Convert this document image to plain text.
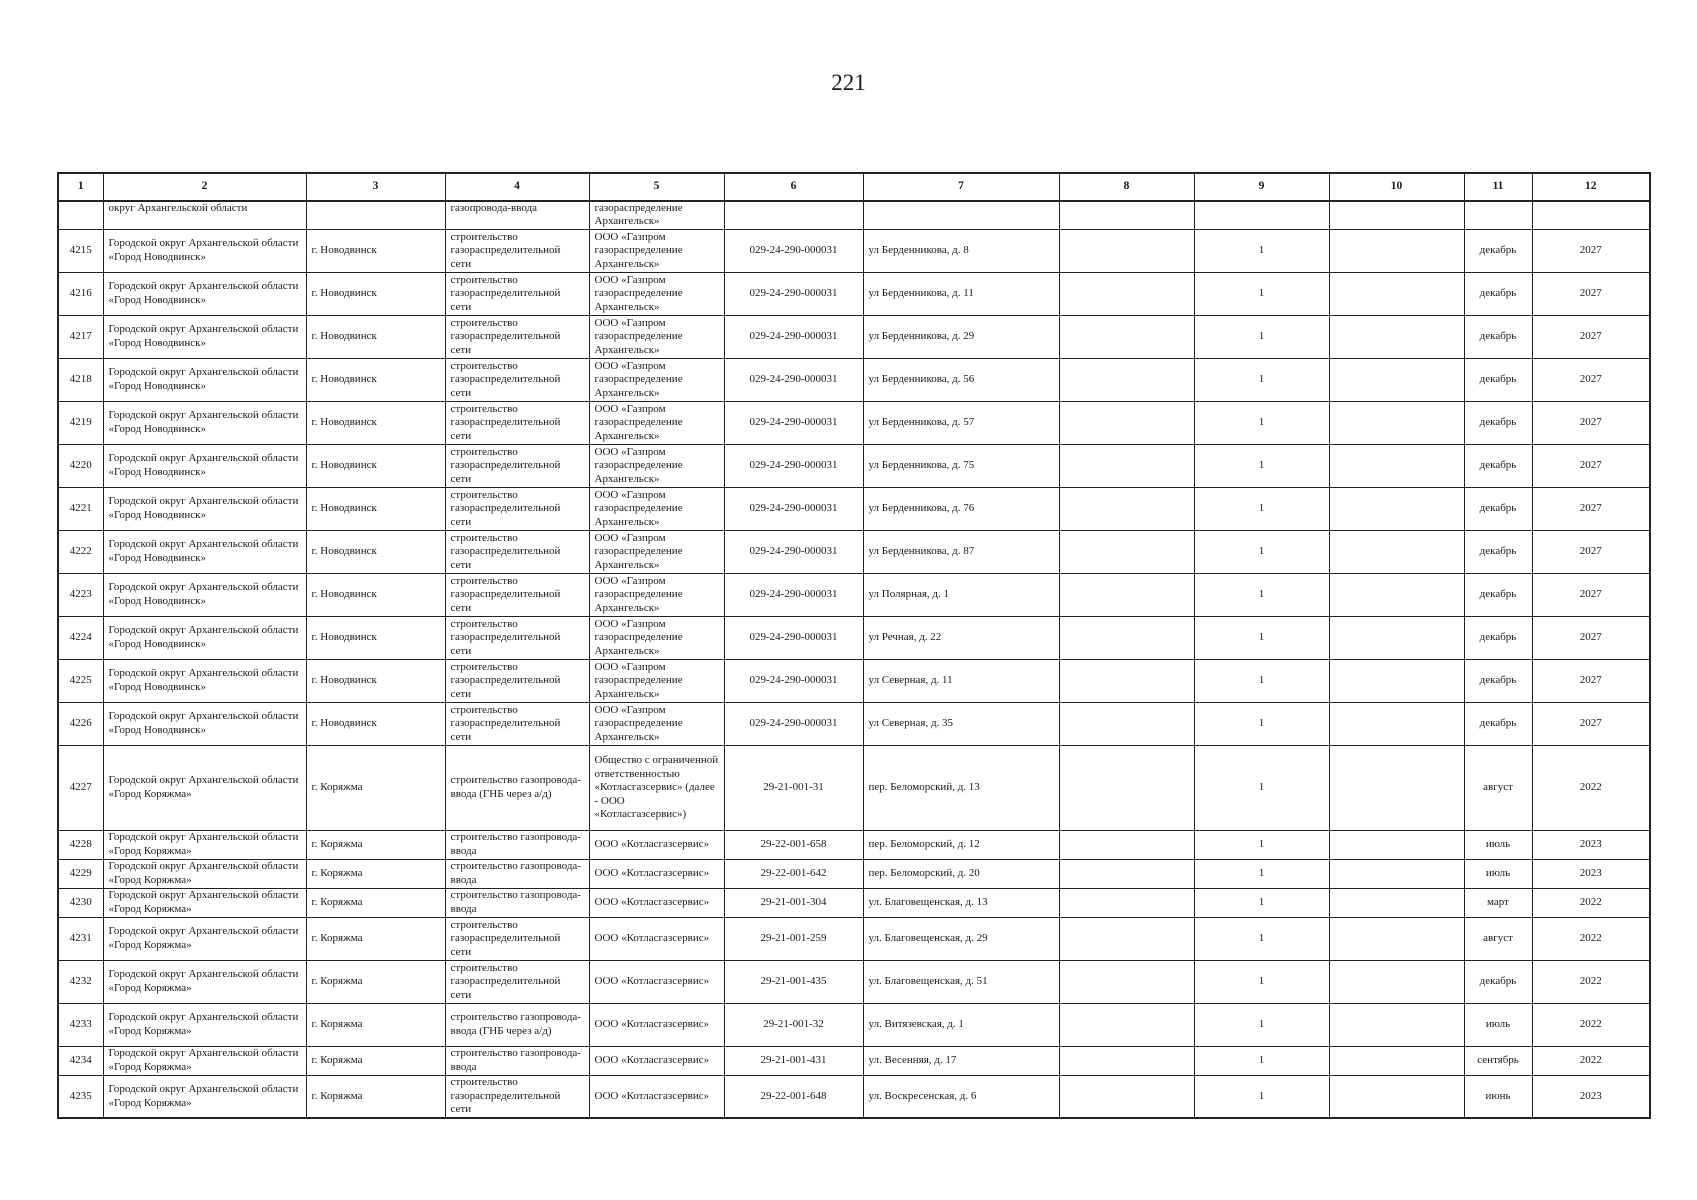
221
1	2	3	4	5	6	7	8	9	10	11	12
	округ Архангельской области		газопровода-ввода	газораспределение Архангельск»							
4215	Городской округ Архангельской области «Город Новодвинск»	г. Новодвинск	строительство газораспределительной сети	ООО «Газпром газораспределение Архангельск»	029-24-290-000031	ул Берденникова, д. 8		1		декабрь	2027
4216	Городской округ Архангельской области «Город Новодвинск»	г. Новодвинск	строительство газораспределительной сети	ООО «Газпром газораспределение Архангельск»	029-24-290-000031	ул Берденникова, д. 11		1		декабрь	2027
4217	Городской округ Архангельской области «Город Новодвинск»	г. Новодвинск	строительство газораспределительной сети	ООО «Газпром газораспределение Архангельск»	029-24-290-000031	ул Берденникова, д. 29		1		декабрь	2027
4218	Городской округ Архангельской области «Город Новодвинск»	г. Новодвинск	строительство газораспределительной сети	ООО «Газпром газораспределение Архангельск»	029-24-290-000031	ул Берденникова, д. 56		1		декабрь	2027
4219	Городской округ Архангельской области «Город Новодвинск»	г. Новодвинск	строительство газораспределительной сети	ООО «Газпром газораспределение Архангельск»	029-24-290-000031	ул Берденникова, д. 57		1		декабрь	2027
4220	Городской округ Архангельской области «Город Новодвинск»	г. Новодвинск	строительство газораспределительной сети	ООО «Газпром газораспределение Архангельск»	029-24-290-000031	ул Берденникова, д. 75		1		декабрь	2027
4221	Городской округ Архангельской области «Город Новодвинск»	г. Новодвинск	строительство газораспределительной сети	ООО «Газпром газораспределение Архангельск»	029-24-290-000031	ул Берденникова, д. 76		1		декабрь	2027
4222	Городской округ Архангельской области «Город Новодвинск»	г. Новодвинск	строительство газораспределительной сети	ООО «Газпром газораспределение Архангельск»	029-24-290-000031	ул Берденникова, д. 87		1		декабрь	2027
4223	Городской округ Архангельской области «Город Новодвинск»	г. Новодвинск	строительство газораспределительной сети	ООО «Газпром газораспределение Архангельск»	029-24-290-000031	ул Полярная, д. 1		1		декабрь	2027
4224	Городской округ Архангельской области «Город Новодвинск»	г. Новодвинск	строительство газораспределительной сети	ООО «Газпром газораспределение Архангельск»	029-24-290-000031	ул Речная, д. 22		1		декабрь	2027
4225	Городской округ Архангельской области «Город Новодвинск»	г. Новодвинск	строительство газораспределительной сети	ООО «Газпром газораспределение Архангельск»	029-24-290-000031	ул Северная, д. 11		1		декабрь	2027
4226	Городской округ Архангельской области «Город Новодвинск»	г. Новодвинск	строительство газораспределительной сети	ООО «Газпром газораспределение Архангельск»	029-24-290-000031	ул Северная, д. 35		1		декабрь	2027
4227	Городской округ Архангельской области «Город Коряжма»	г. Коряжма	строительство газопровода-ввода (ГНБ через а/д)	Общество с ограниченной ответственностью «Котласгазсервис» (далее - ООО «Котласгазсервис»)	29-21-001-31	пер. Беломорский, д. 13		1		август	2022
4228	Городской округ Архангельской области «Город Коряжма»	г. Коряжма	строительство газопровода-ввода	ООО «Котласгазсервис»	29-22-001-658	пер. Беломорский, д. 12		1		июль	2023
4229	Городской округ Архангельской области «Город Коряжма»	г. Коряжма	строительство газопровода-ввода	ООО «Котласгазсервис»	29-22-001-642	пер. Беломорский, д. 20		1		июль	2023
4230	Городской округ Архангельской области «Город Коряжма»	г. Коряжма	строительство газопровода-ввода	ООО «Котласгазсервис»	29-21-001-304	ул. Благовещенская, д. 13		1		март	2022
4231	Городской округ Архангельской области «Город Коряжма»	г. Коряжма	строительство газораспределительной сети	ООО «Котласгазсервис»	29-21-001-259	ул. Благовещенская, д. 29		1		август	2022
4232	Городской округ Архангельской области «Город Коряжма»	г. Коряжма	строительство газораспределительной сети	ООО «Котласгазсервис»	29-21-001-435	ул. Благовещенская, д. 51		1		декабрь	2022
4233	Городской округ Архангельской области «Город Коряжма»	г. Коряжма	строительство газопровода-ввода (ГНБ через а/д)	ООО «Котласгазсервис»	29-21-001-32	ул. Витязевская, д. 1		1		июль	2022
4234	Городской округ Архангельской области «Город Коряжма»	г. Коряжма	строительство газопровода-ввода	ООО «Котласгазсервис»	29-21-001-431	ул. Весенняя, д. 17		1		сентябрь	2022
4235	Городской округ Архангельской области «Город Коряжма»	г. Коряжма	строительство газораспределительной сети	ООО «Котласгазсервис»	29-22-001-648	ул. Воскресенская, д. 6		1		июнь	2023
